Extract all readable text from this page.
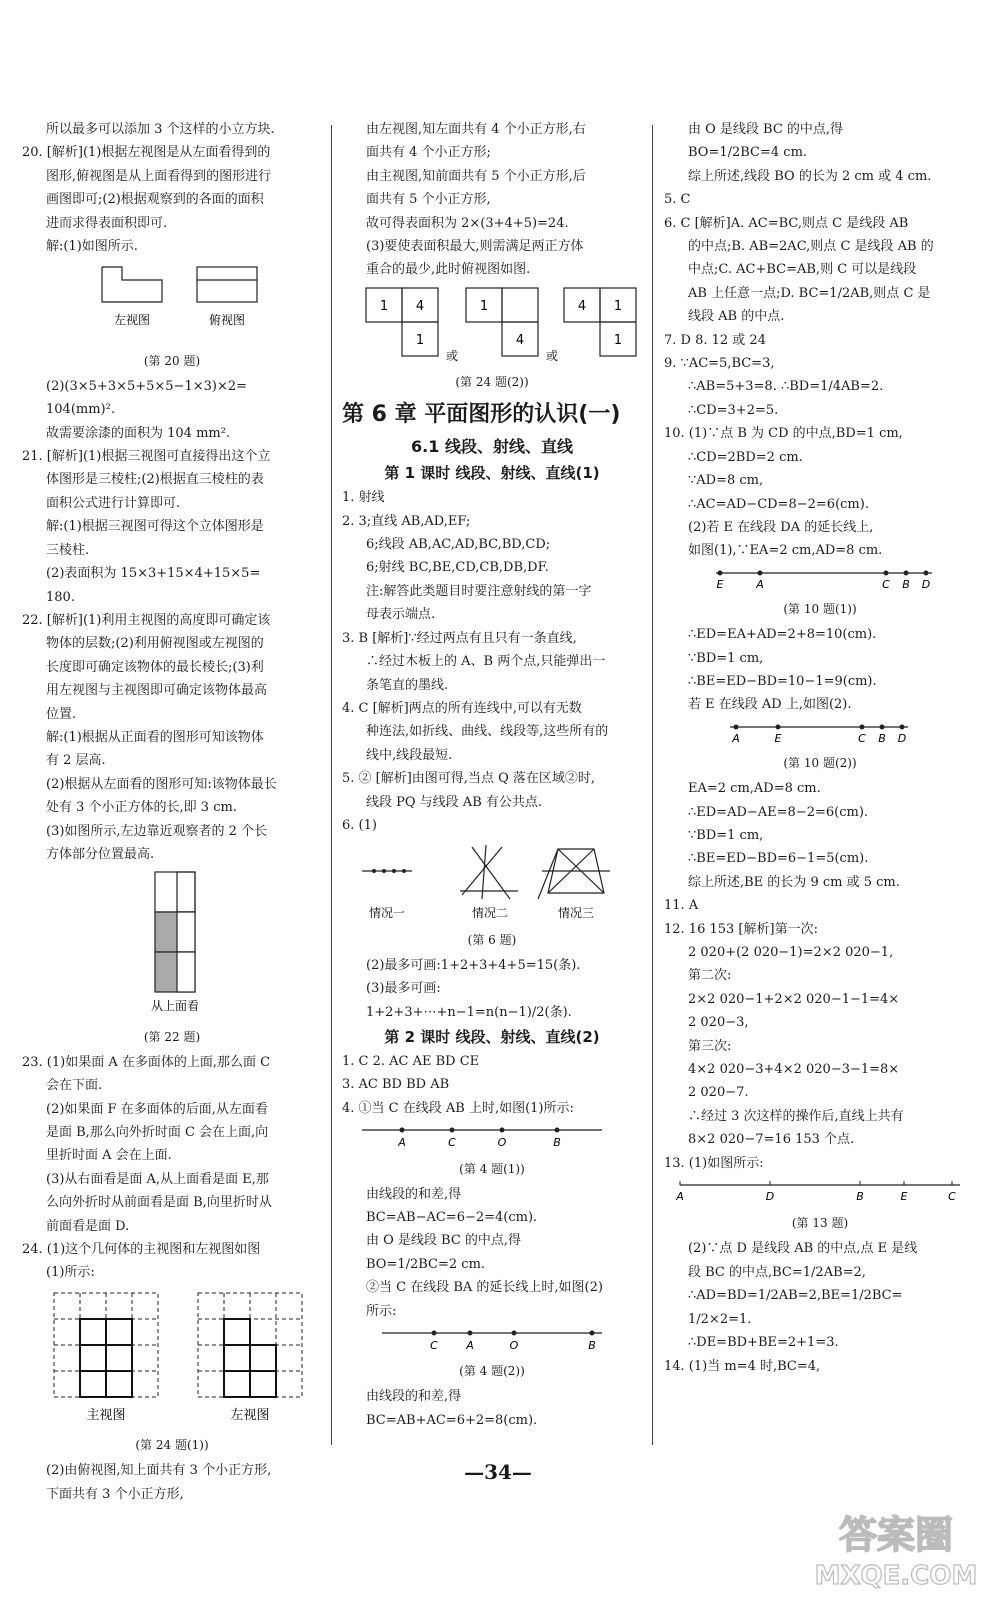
所以最多可以添加 3 个这样的小立方块.
20. [解析](1)根据左视图是从左面看得到的
图形,俯视图是从上面看得到的图形进行
画图即可;(2)根据观察到的各面的面积
进而求得表面积即可.
解:(1)如图所示.
左视图	俯视图
(第 20 题)
(2)(3×5+3×5+5×5−1×3)×2=
104(mm)².
故需要涂漆的面积为 104 mm².
21. [解析](1)根据三视图可直接得出这个立
体图形是三棱柱;(2)根据直三棱柱的表
面积公式进行计算即可.
解:(1)根据三视图可得这个立体图形是
三棱柱.
(2)表面积为 15×3+15×4+15×5=
180.
22. [解析](1)利用主视图的高度即可确定该
物体的层数;(2)利用俯视图或左视图的
长度即可确定该物体的最长棱长;(3)利
用左视图与主视图即可确定该物体最高
位置.
解:(1)根据从正面看的图形可知该物体
有 2 层高.
(2)根据从左面看的图形可知:该物体最长
处有 3 个小正方体的长,即 3 cm.
(3)如图所示,左边靠近观察者的 2 个长
方体部分位置最高.
从上面看
(第 22 题)
23. (1)如果面 A 在多面体的上面,那么面 C
会在下面.
(2)如果面 F 在多面体的后面,从左面看
是面 B,那么向外折时面 C 会在上面,向
里折时面 A 会在上面.
(3)从右面看是面 A,从上面看是面 E,那
么向外折时从前面看是面 B,向里折时从
前面看是面 D.
24. (1)这个几何体的主视图和左视图如图
(1)所示:
主视图	左视图
(第 24 题(1))
(2)由俯视图,知上面共有 3 个小正方形,
下面共有 3 个小正方形,
由左视图,知左面共有 4 个小正方形,右
面共有 4 个小正方形;
由主视图,知前面共有 5 个小正方形,后
面共有 5 个小正方形,
故可得表面积为 2×(3+4+5)=24.
(3)要使表面积最大,则需满足两正方体
重合的最少,此时俯视图如图.
1 4
1
1
4
4 1
1
或	或
(第 24 题(2))
第 6 章 平面图形的认识(一)
6.1 线段、射线、直线
第 1 课时 线段、射线、直线(1)
1. 射线
2. 3;直线 AB,AD,EF;
6;线段 AB,AC,AD,BC,BD,CD;
6;射线 BC,BE,CD,CB,DB,DF.
注:解答此类题目时要注意射线的第一字
母表示端点.
3. B [解析]∵经过两点有且只有一条直线,
∴经过木板上的 A、B 两个点,只能弹出一
条笔直的墨线.
4. C [解析]两点的所有连线中,可以有无数
种连法,如折线、曲线、线段等,这些所有的
线中,线段最短.
5. ② [解析]由图可得,当点 Q 落在区域②时,
线段 PQ 与线段 AB 有公共点.
6. (1)
情况一	情况二	情况三
(第 6 题)
(2)最多可画:1+2+3+4+5=15(条).
(3)最多可画:
1+2+3+⋯+n−1=n(n−1)/2(条).
第 2 课时 线段、射线、直线(2)
1. C 2. AC AE BD CE
3. AC BD BD AB
4. ①当 C 在线段 AB 上时,如图(1)所示:
A	C	O	B
(第 4 题(1))
由线段的和差,得
BC=AB−AC=6−2=4(cm).
由 O 是线段 BC 的中点,得
BO=1/2BC=2 cm.
②当 C 在线段 BA 的延长线上时,如图(2)
所示:
C	A	O	B
(第 4 题(2))
由线段的和差,得
BC=AB+AC=6+2=8(cm).
由 O 是线段 BC 的中点,得
BO=1/2BC=4 cm.
综上所述,线段 BO 的长为 2 cm 或 4 cm.
5. C
6. C [解析]A. AC=BC,则点 C 是线段 AB
的中点;B. AB=2AC,则点 C 是线段 AB 的
中点;C. AC+BC=AB,则 C 可以是线段
AB 上任意一点;D. BC=1/2AB,则点 C 是
线段 AB 的中点.
7. D 8. 12 或 24
9. ∵AC=5,BC=3,
∴AB=5+3=8. ∴BD=1/4AB=2.
∴CD=3+2=5.
10. (1)∵点 B 为 CD 的中点,BD=1 cm,
∴CD=2BD=2 cm.
∵AD=8 cm,
∴AC=AD−CD=8−2=6(cm).
(2)若 E 在线段 DA 的延长线上,
如图(1),∵EA=2 cm,AD=8 cm.
E	A	C B D
(第 10 题(1))
∴ED=EA+AD=2+8=10(cm).
∵BD=1 cm,
∴BE=ED−BD=10−1=9(cm).
若 E 在线段 AD 上,如图(2).
A	E	C B D
(第 10 题(2))
EA=2 cm,AD=8 cm.
∴ED=AD−AE=8−2=6(cm).
∵BD=1 cm,
∴BE=ED−BD=6−1=5(cm).
综上所述,BE 的长为 9 cm 或 5 cm.
11. A
12. 16 153 [解析]第一次:
2 020+(2 020−1)=2×2 020−1,
第二次:
2×2 020−1+2×2 020−1−1=4×
2 020−3,
第三次:
4×2 020−3+4×2 020−3−1=8×
2 020−7.
∴经过 3 次这样的操作后,直线上共有
8×2 020−7=16 153 个点.
13. (1)如图所示:
A	D	B	E	C
(第 13 题)
(2)∵点 D 是线段 AB 的中点,点 E 是线
段 BC 的中点,BC=1/2AB=2,
∴AD=BD=1/2AB=2,BE=1/2BC=
1/2×2=1.
∴DE=BD+BE=2+1=3.
14. (1)当 m=4 时,BC=4,
—34—
答案圈
MXQE.COM
